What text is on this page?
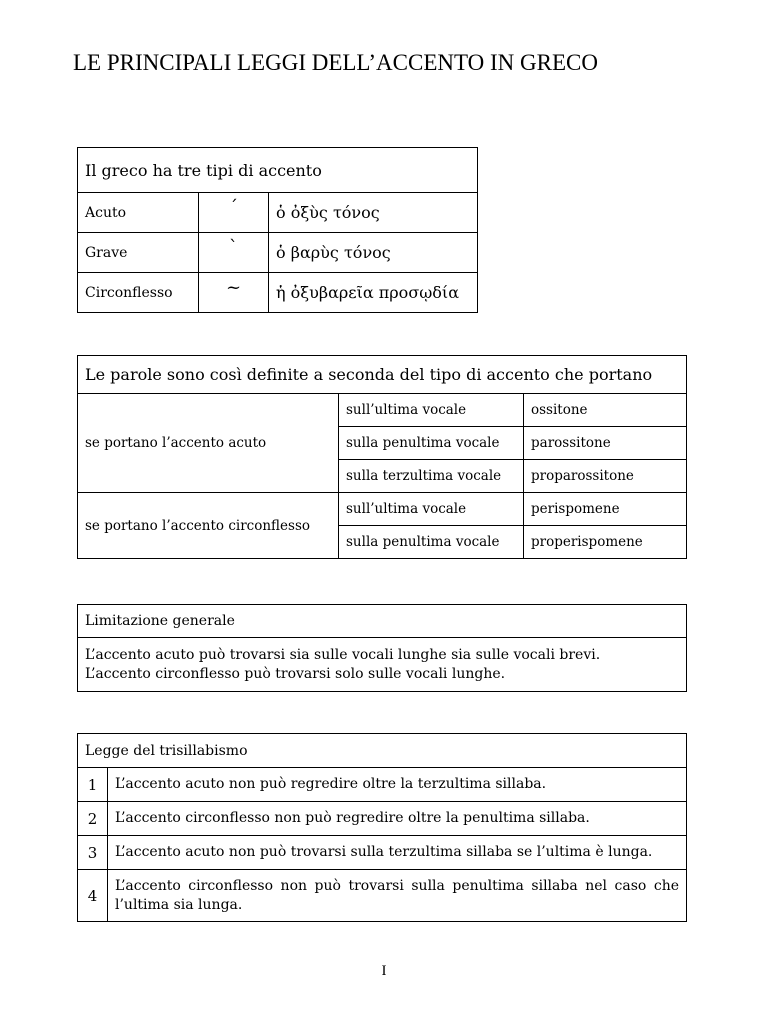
LE PRINCIPALI LEGGI DELL’ACCENTO IN GRECO
Il greco ha tre tipi di accento		
Acuto	´	ὁ ὀξὺς τόνος
Grave	`	ὁ βαρὺς τόνος
Circonflesso	~	ἡ ὀξυβαρεῖα προσῳδία
Le parole sono così definite a seconda del tipo di accento che portano		
se portano l’accento acuto	sull’ultima vocale	ossitone
	sulla penultima vocale	parossitone
	sulla terzultima vocale	proparossitone
se portano l’accento circonflesso	sull’ultima vocale	perispomene
	sulla penultima vocale	properispomene
Limitazione generale

L’accento acuto può trovarsi sia sulle vocali lunghe sia sulle vocali brevi.
L’accento circonflesso può trovarsi solo sulle vocali lunghe.
Legge del trisillabismo	
1	L’accento acuto non può regredire oltre la terzultima sillaba.
2	L’accento circonflesso non può regredire oltre la penultima sillaba.
3	L’accento acuto non può trovarsi sulla terzultima sillaba se l’ultima è lunga.
4	L’accento circonflesso non può trovarsi sulla penultima sillaba nel caso che l’ultima sia lunga.
I
